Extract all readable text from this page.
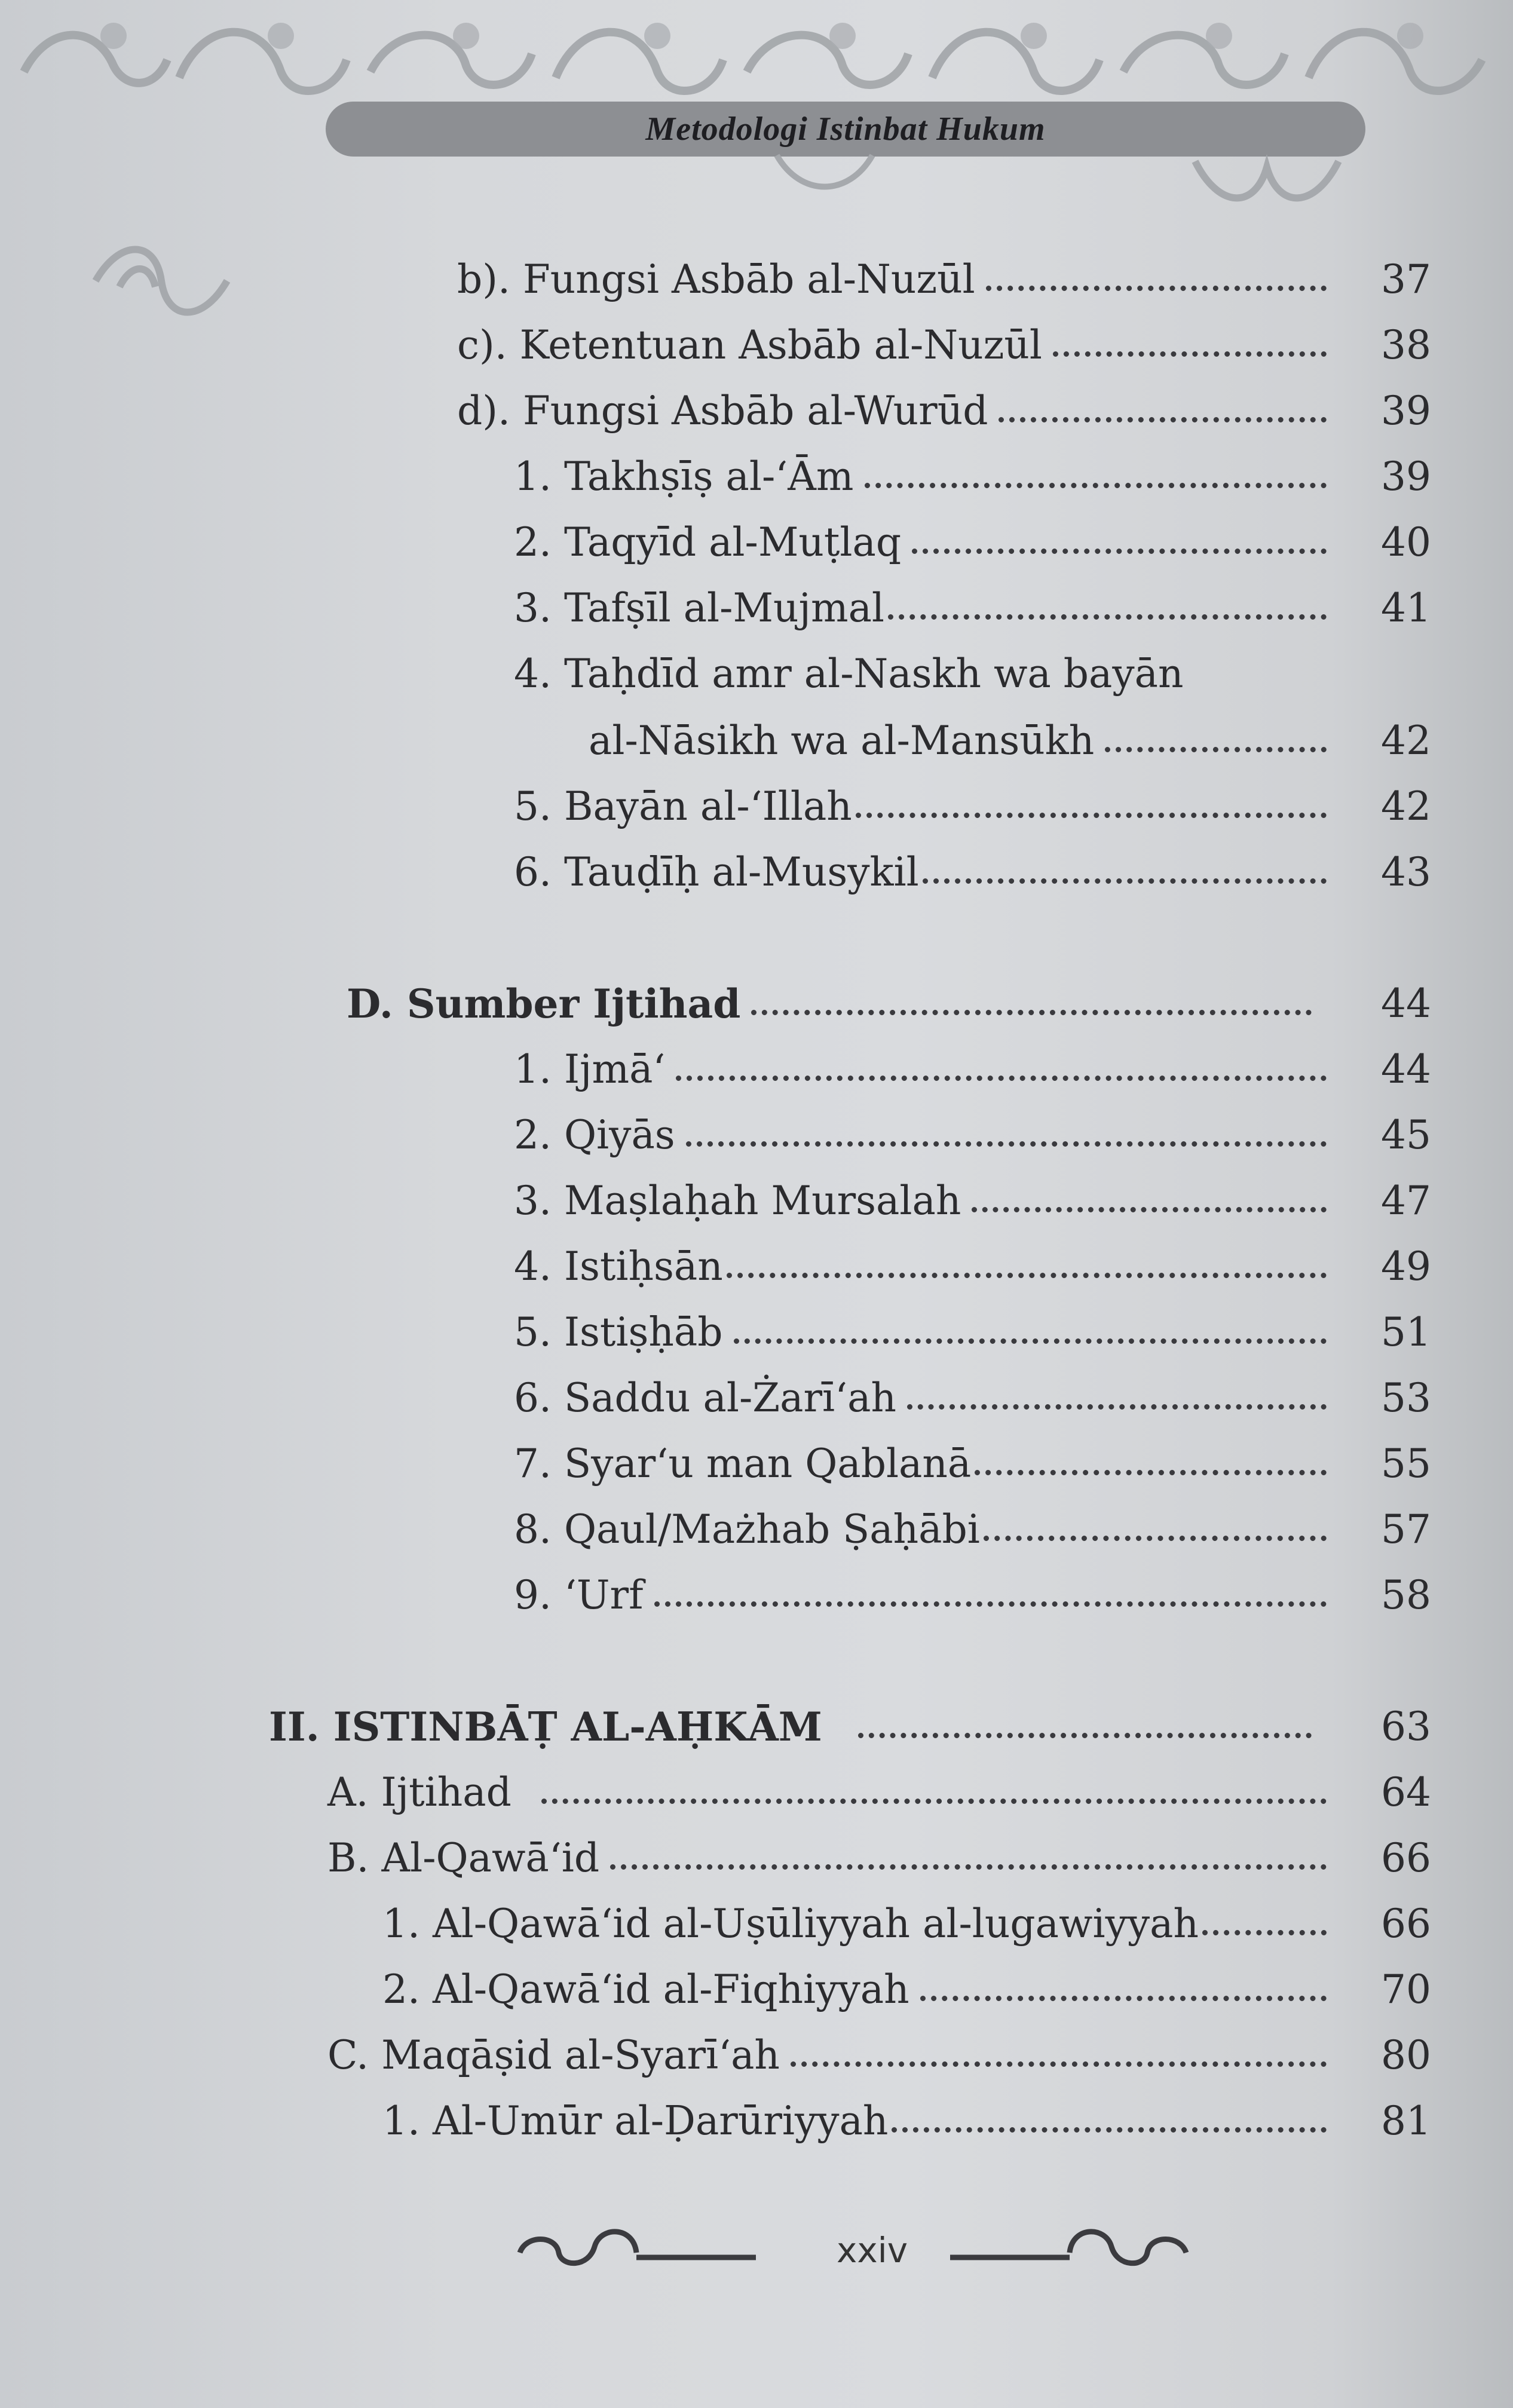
Metodologi Istinbat Hukum
b). Fungsi Asbāb al-Nuzūl	37
c). Ketentuan Asbāb al-Nuzūl	38
d). Fungsi Asbāb al-Wurūd	39
1. Takhṣīṣ al-‘Ām	39
2. Taqyīd al-Muṭlaq	40
3. Tafṣīl al-Mujmal	41
4. Taḥdīd amr al-Naskh wa bayān
al-Nāsikh wa al-Mansūkh	42
5. Bayān al-‘Illah	42
6. Tauḍīḥ al-Musykil	43
D. Sumber Ijtihad	44
1. Ijmā‘	44
2. Qiyās	45
3. Maṣlaḥah Mursalah	47
4. Istiḥsān	49
5. Istiṣḥāb	51
6. Saddu al-Żarī‘ah	53
7. Syar‘u man Qablanā	55
8. Qaul/Mażhab Ṣaḥābi	57
9. ‘Urf	58
II. ISTINBĀṬ AL-AḤKĀM	63
A. Ijtihad	64
B. Al-Qawā‘id	66
1. Al-Qawā‘id al-Uṣūliyyah al-lugawiyyah	66
2. Al-Qawā‘id al-Fiqhiyyah	70
C. Maqāṣid al-Syarī‘ah	80
1. Al-Umūr al-Ḍarūriyyah	81
xxiv
